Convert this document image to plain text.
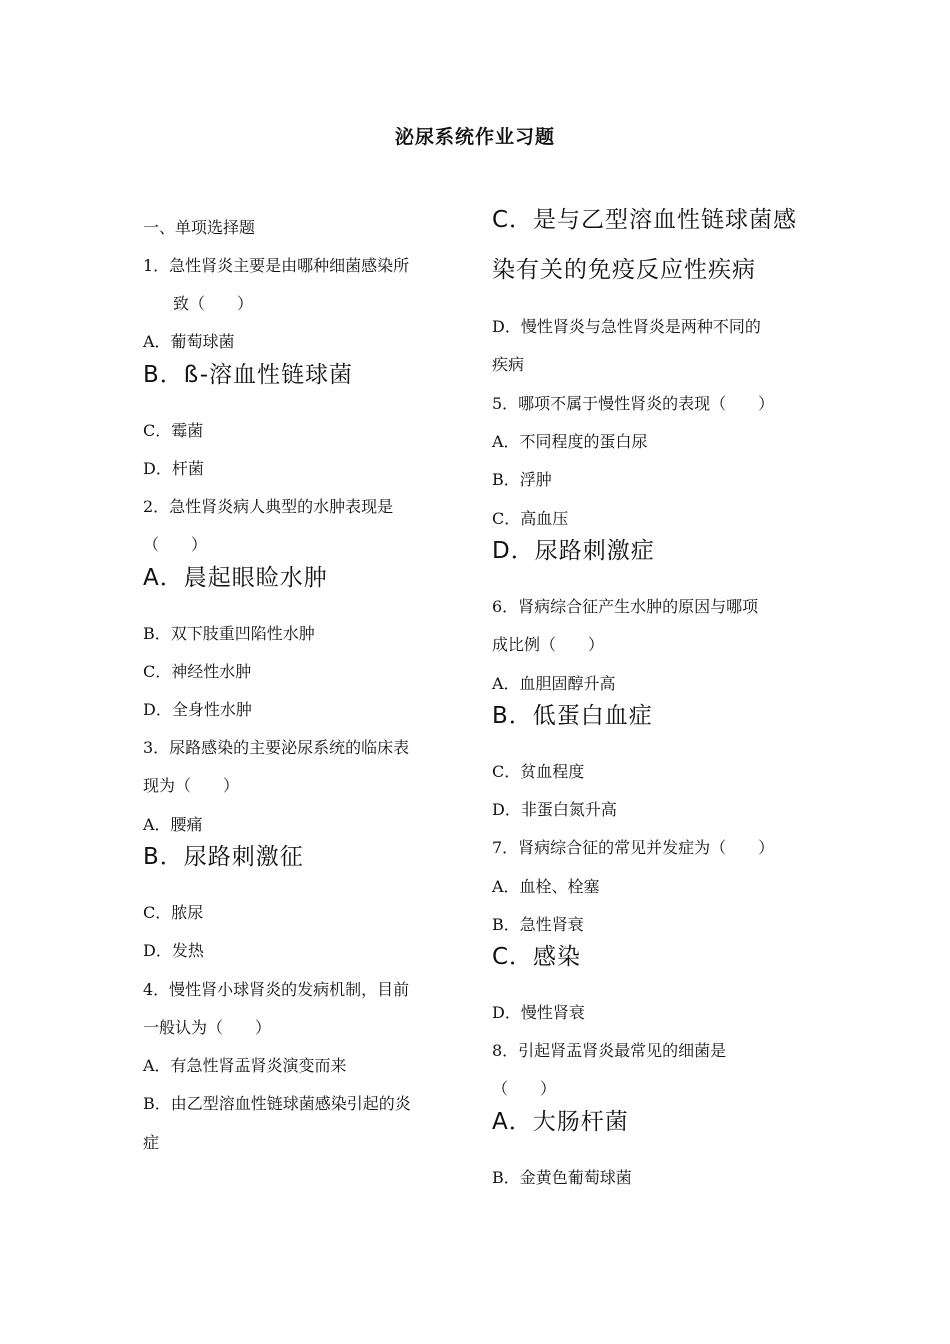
泌尿系统作业习题
一、单项选择题
1．急性肾炎主要是由哪种细菌感染所
致（　　）
A．葡萄球菌
B．ß-溶血性链球菌
C．霉菌
D．杆菌
2．急性肾炎病人典型的水肿表现是
（　　）
A．晨起眼睑水肿
B．双下肢重凹陷性水肿
C．神经性水肿
D．全身性水肿
3．尿路感染的主要泌尿系统的临床表
现为（　　）
A．腰痛
B．尿路刺激征
C．脓尿
D．发热
4．慢性肾小球肾炎的发病机制，目前
一般认为（　　）
A．有急性肾盂肾炎演变而来
B．由乙型溶血性链球菌感染引起的炎
症
C．是与乙型溶血性链球菌感
染有关的免疫反应性疾病
D．慢性肾炎与急性肾炎是两种不同的
疾病
5．哪项不属于慢性肾炎的表现（　　）
A．不同程度的蛋白尿
B．浮肿
C．高血压
D．尿路刺激症
6．肾病综合征产生水肿的原因与哪项
成比例（　　）
A．血胆固醇升高
B．低蛋白血症
C．贫血程度
D．非蛋白氮升高
7．肾病综合征的常见并发症为（　　）
A．血栓、栓塞
B．急性肾衰
C．感染
D．慢性肾衰
8．引起肾盂肾炎最常见的细菌是
（　　）
A．大肠杆菌
B．金黄色葡萄球菌
